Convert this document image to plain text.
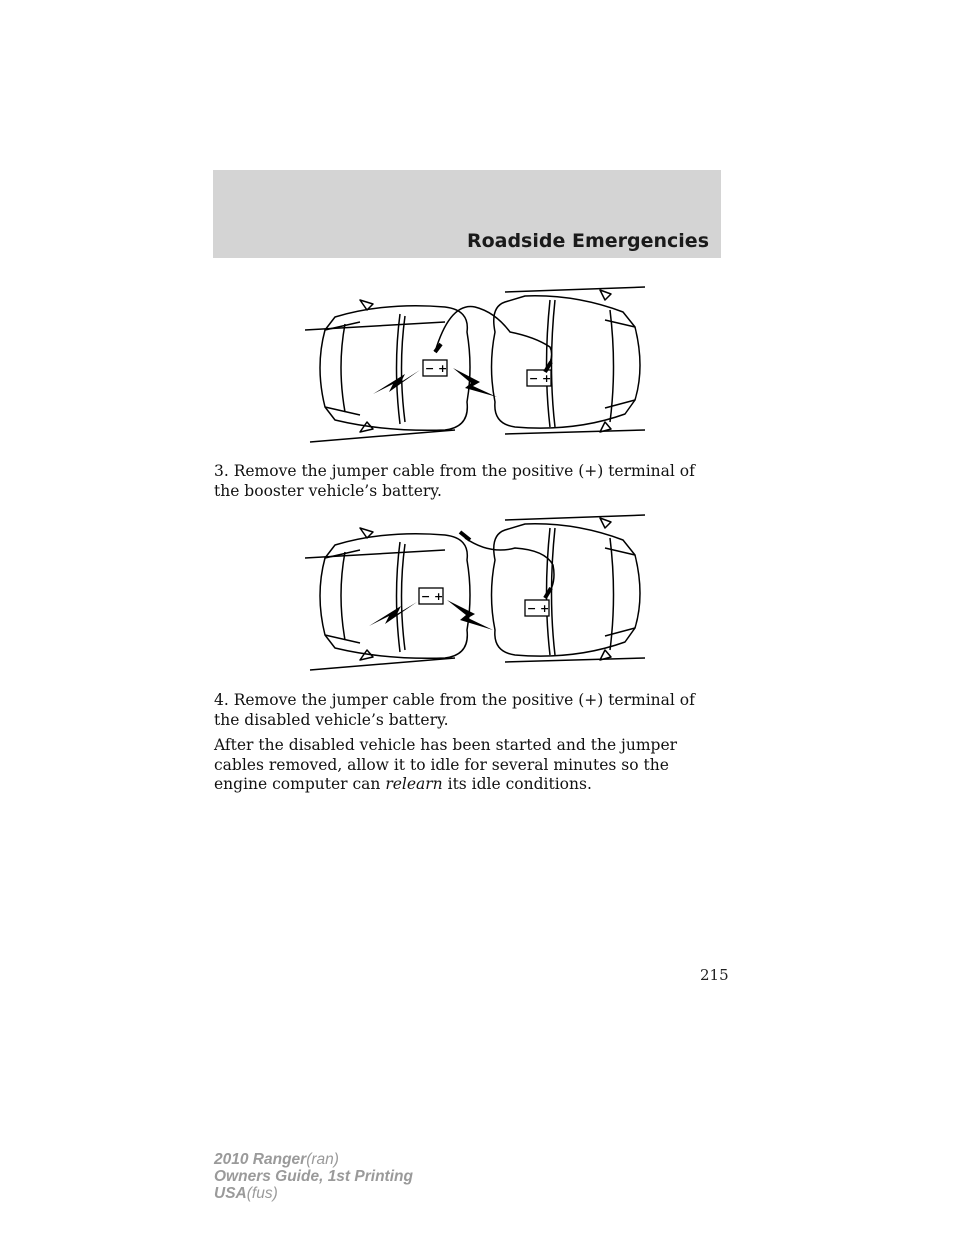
Roadside Emergencies
− +
− +

3. Remove the jumper cable from the positive (+) terminal of the booster vehicle’s battery.

− +
− +

4. Remove the jumper cable from the positive (+) terminal of the disabled vehicle’s battery.

After the disabled vehicle has been started and the jumper cables removed, allow it to idle for several minutes so the engine computer can relearn its idle conditions.

215
2010 Ranger(ran)
Owners Guide, 1st Printing
USA(fus)
